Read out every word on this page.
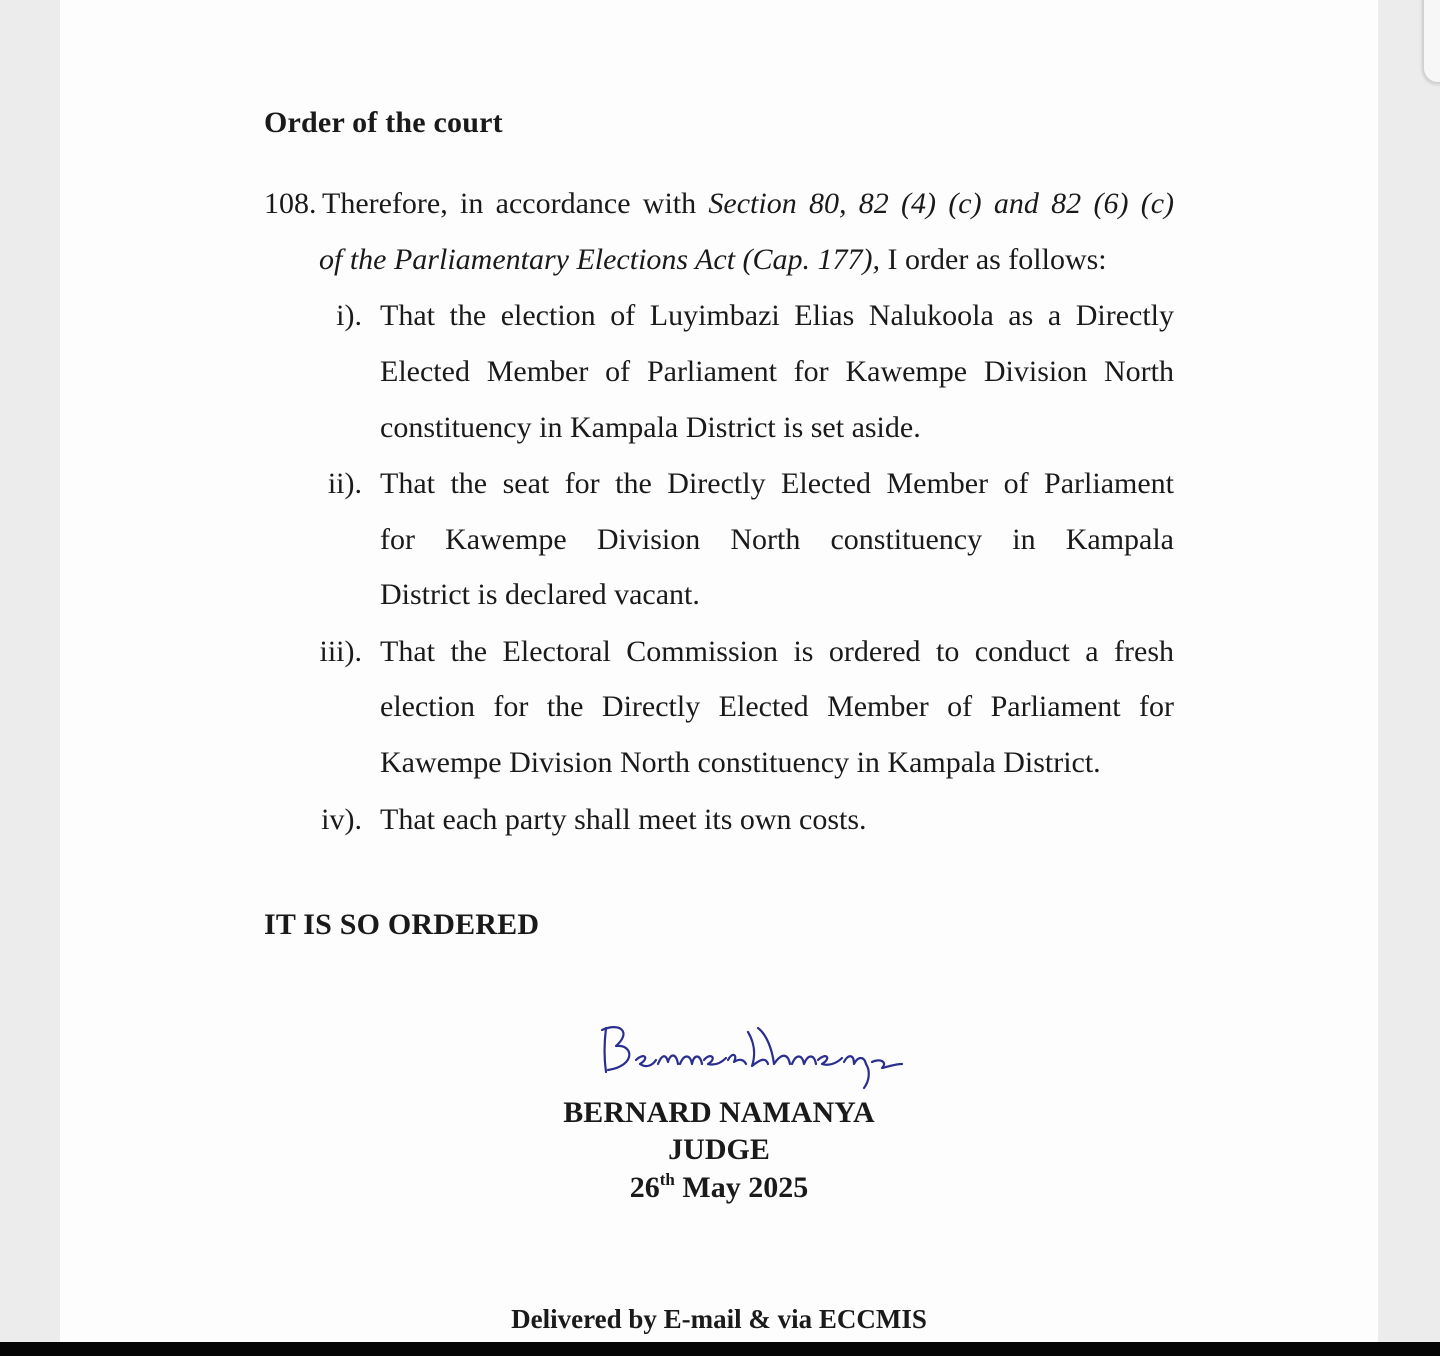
Order of the court
108. Therefore, in accordance with Section 80, 82 (4) (c) and 82 (6) (c)
of the Parliamentary Elections Act (Cap. 177), I order as follows:
i). That the election of Luyimbazi Elias Nalukoola as a Directly
Elected Member of Parliament for Kawempe Division North
constituency in Kampala District is set aside.
ii). That the seat for the Directly Elected Member of Parliament
for Kawempe Division North constituency in Kampala
District is declared vacant.
iii). That the Electoral Commission is ordered to conduct a fresh
election for the Directly Elected Member of Parliament for
Kawempe Division North constituency in Kampala District.
iv). That each party shall meet its own costs.
IT IS SO ORDERED
BERNARD NAMANYA
JUDGE
26th May 2025
Delivered by E-mail & via ECCMIS
